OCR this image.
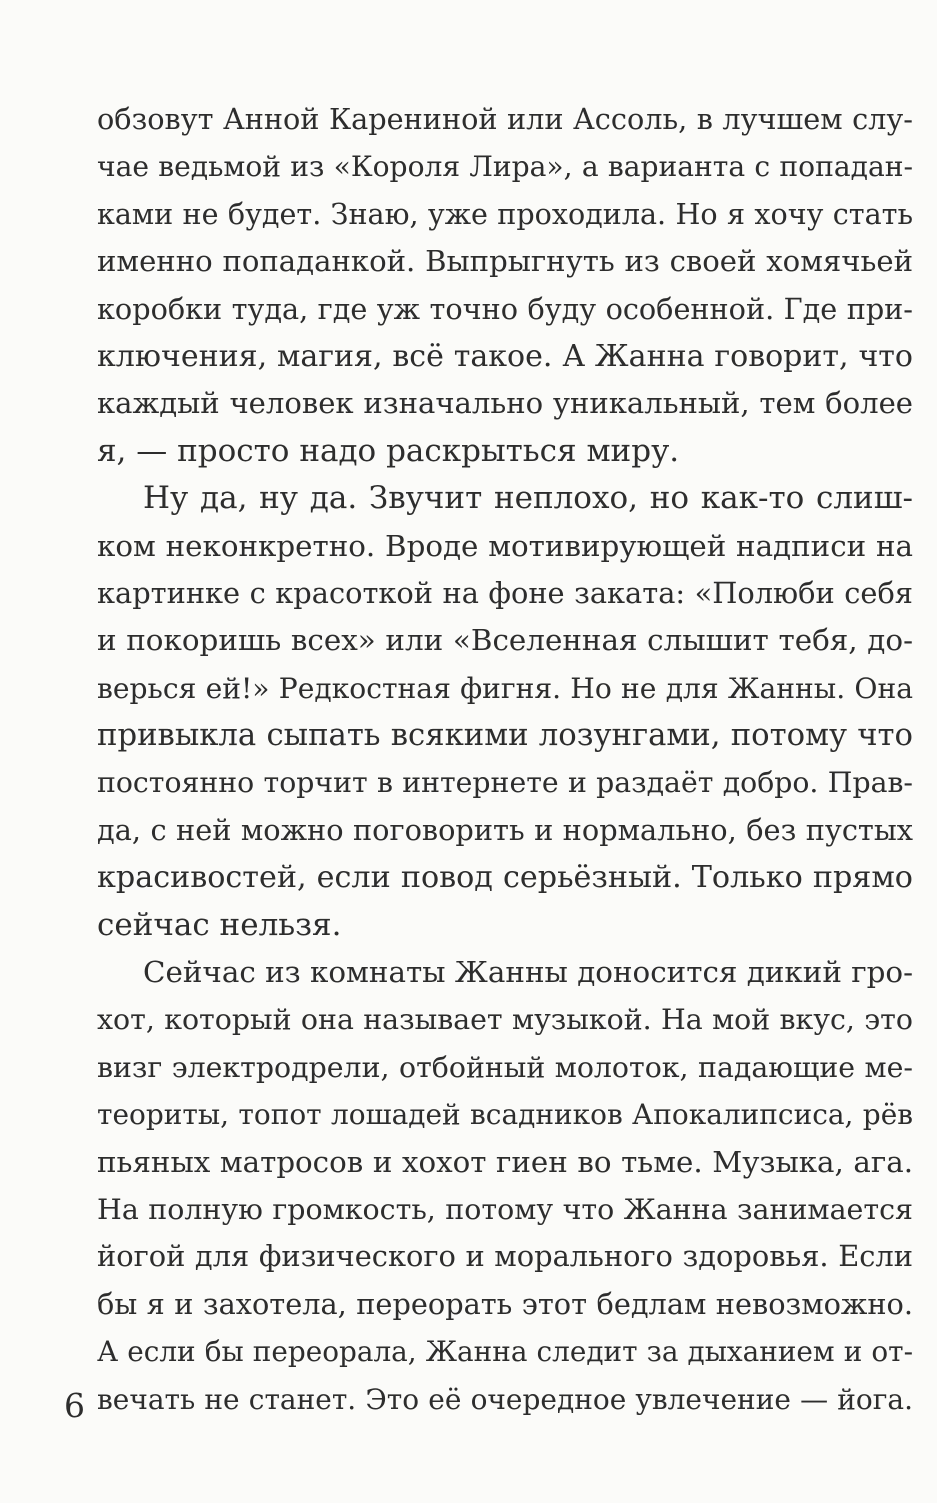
обзовут Анной Карениной или Ассоль, в лучшем слу-
чае ведьмой из «Короля Лира», а варианта с попадан-
ками не будет. Знаю, уже проходила. Но я хочу стать
именно попаданкой. Выпрыгнуть из своей хомячьей
коробки туда, где уж точно буду особенной. Где при-
ключения, магия, всё такое. А Жанна говорит, что
каждый человек изначально уникальный, тем более
я, — просто надо раскрыться миру.
Ну да, ну да. Звучит неплохо, но как-то слиш-
ком неконкретно. Вроде мотивирующей надписи на
картинке с красоткой на фоне заката: «Полюби себя
и покоришь всех» или «Вселенная слышит тебя, до-
верься ей!» Редкостная фигня. Но не для Жанны. Она
привыкла сыпать всякими лозунгами, потому что
постоянно торчит в интернете и раздаёт добро. Прав-
да, с ней можно поговорить и нормально, без пустых
красивостей, если повод серьёзный. Только прямо
сейчас нельзя.
Сейчас из комнаты Жанны доносится дикий гро-
хот, который она называет музыкой. На мой вкус, это
визг электродрели, отбойный молоток, падающие ме-
теориты, топот лошадей всадников Апокалипсиса, рёв
пьяных матросов и хохот гиен во тьме. Музыка, ага.
На полную громкость, потому что Жанна занимается
йогой для физического и морального здоровья. Если
бы я и захотела, переорать этот бедлам невозможно.
А если бы переорала, Жанна следит за дыханием и от-
вечать не станет. Это её очередное увлечение — йога.
6
